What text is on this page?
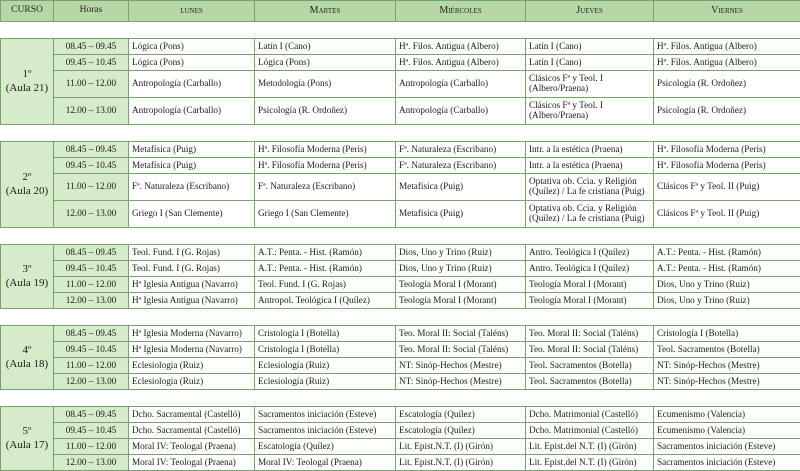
CURSO	Horas	lunes	Martes	Miércoles	Jueves	Viernes

1º
(Aula 21)	08.45 – 09.45	Lógica (Pons)	Latín I (Cano)	Hª. Filos. Antigua (Albero)	Latín I (Cano)	Hª. Filos. Antigua (Albero)
	09.45 – 10.45	Lógica (Pons)	Lógica (Pons)	Hª. Filos. Antigua (Albero)	Latín I (Cano)	Hª. Filos. Antigua (Albero)
	11.00 – 12.00	Antropología (Carballo)	Metodología (Pons)	Antropología (Carballo)	Clásicos Fª y Teol. I (Albero/Praena)	Psicología (R. Ordoñez)
	12.00 – 13.00	Antropología (Carballo)	Psicología (R. Ordoñez)	Antropología (Carballo)	Clásicos Fª y Teol. I (Albero/Praena)	Psicología (R. Ordoñez)

2º
(Aula 20)	08.45 – 09.45	Metafísica (Puig)	Hª. Filosofía Moderna (Peris)	Fª. Naturaleza (Escribano)	Intr. a la estética (Praena)	Hª. Filosofía Moderna (Peris)
	09.45 – 10.45	Metafísica (Puig)	Hª. Filosofía Moderna (Peris)	Fª. Naturaleza (Escribano)	Intr. a la estética (Praena)	Hª. Filosofía Moderna (Peris)
	11.00 – 12.00	Fª. Naturaleza (Escribano)	Fª. Naturaleza (Escribano)	Metafísica (Puig)	Optativa ob. Ccia. y Religión (Quílez) / La fe cristiana (Puig)	Clásicos Fª y Teol. II (Puig)
	12.00 – 13.00	Griego I (San Clemente)	Griego I (San Clemente)	Metafísica (Puig)	Optativa ob. Ccia. y Religión (Quílez) / La fe cristiana (Puig)	Clásicos Fª y Teol. II (Puig)

3º
(Aula 19)	08.45 – 09.45	Teol. Fund. I (G. Rojas)	A.T.: Penta. - Hist. (Ramón)	Dios, Uno y Trino (Ruiz)	Antro. Teológica I (Quílez)	A.T.: Penta. - Hist. (Ramón)
	09.45 – 10.45	Teol. Fund. I (G. Rojas)	A.T.: Penta. - Hist. (Ramón)	Dios, Uno y Trino (Ruiz)	Antro. Teológica I (Quílez)	A.T.: Penta. - Hist. (Ramón)
	11.00 – 12.00	Hª Iglesia Antigua (Navarro)	Teol. Fund. I (G. Rojas)	Teología Moral I (Morant)	Teología Moral I (Morant)	Dios, Uno y Trino (Ruiz)
	12.00 – 13.00	Hª Iglesia Antigua (Navarro)	Antropol. Teológica I (Quílez)	Teología Moral I (Morant)	Teología Moral I (Morant)	Dios, Uno y Trino (Ruiz)

4º
(Aula 18)	08.45 – 09.45	Hª Iglesia Moderna (Navarro)	Cristología I (Botella)	Teo. Moral II: Social (Taléns)	Teo. Moral II: Social (Taléns)	Cristología I (Botella)
	09.45 – 10.45	Hª Iglesia Moderna (Navarro)	Cristología I (Botella)	Teo. Moral II: Social (Taléns)	Teo. Moral II: Social (Taléns)	Teol. Sacramentos (Botella)
	11.00 – 12.00	Eclesiología (Ruiz)	Eclesiología (Ruiz)	NT: Sinóp-Hechos (Mestre)	Teol. Sacramentos (Botella)	NT: Sinóp-Hechos (Mestre)
	12.00 – 13.00	Eclesiología (Ruiz)	Eclesiología (Ruiz)	NT: Sinóp-Hechos (Mestre)	Teol. Sacramentos (Botella)	NT: Sinóp-Hechos (Mestre)

5º
(Aula 17)	08.45 – 09.45	Dcho. Sacramental (Castelló)	Sacramentos iniciación (Esteve)	Escatología (Quílez)	Dcho. Matrimonial (Castelló)	Ecumenismo (Valencia)
	09.45 – 10.45	Dcho. Sacramental (Castelló)	Sacramentos iniciación (Esteve)	Escatología (Quílez)	Dcho. Matrimonial (Castelló)	Ecumenismo (Valencia)
	11.00 – 12.00	Moral IV: Teologal (Praena)	Escatología (Quílez)	Lit. Epist.N.T. (I) (Girón)	Lit. Epist.del N.T. (I) (Girón)	Sacramentos iniciación (Esteve)
	12.00 – 13.00	Moral IV: Teologal (Praena)	Moral IV: Teologal (Praena)	Lit. Epist.N.T. (I) (Girón)	Lit. Epist.del N.T. (I) (Girón)	Sacramentos iniciación (Esteve)
